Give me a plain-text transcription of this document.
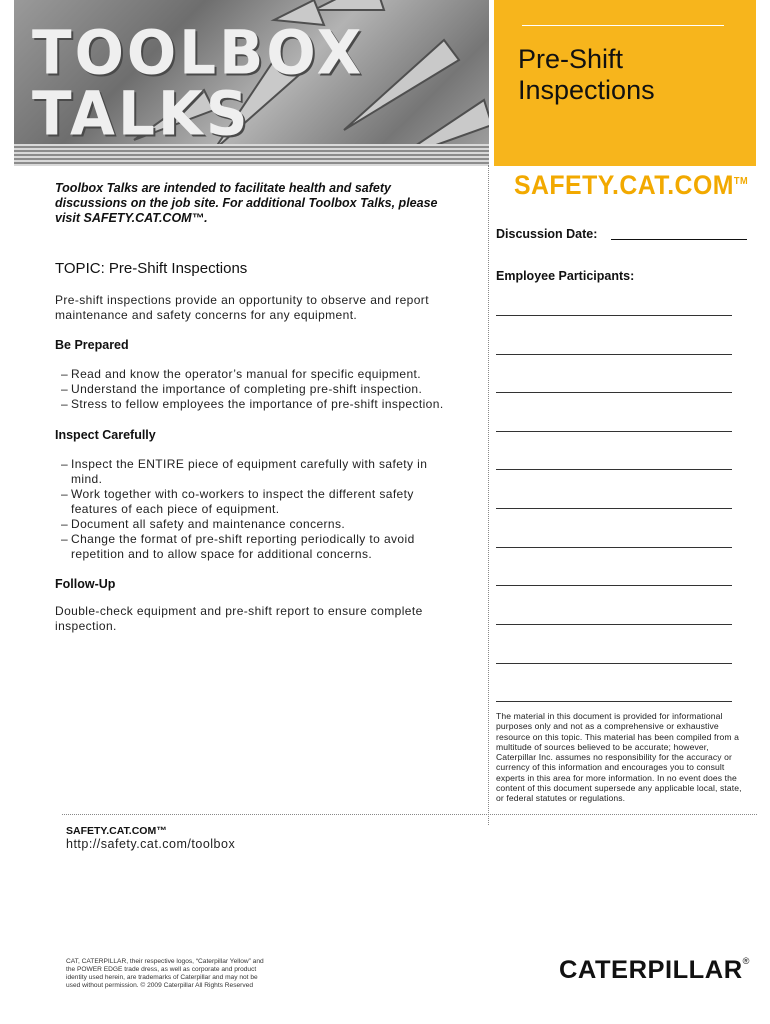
TOOLBOX
TALKS
Pre-Shift Inspections
SAFETY.CAT.COM™
Toolbox Talks are intended to facilitate health and safety discussions on the job site. For additional Toolbox Talks, please visit SAFETY.CAT.COM™.
TOPIC: Pre-Shift Inspections
Pre-shift inspections provide an opportunity to observe and report maintenance and safety concerns for any equipment.
Be Prepared
– Read and know the operator’s manual for specific equipment.
– Understand the importance of completing pre-shift inspection.
– Stress to fellow employees the importance of pre-shift inspection.
Inspect Carefully
– Inspect the ENTIRE piece of equipment carefully with safety in mind.
– Work together with co-workers to inspect the different safety features of each piece of equipment.
– Document all safety and maintenance concerns.
– Change the format of pre-shift reporting periodically to avoid repetition and to allow space for additional concerns.
Follow-Up
Double-check equipment and pre-shift report to ensure complete inspection.
Discussion Date:
Employee Participants:
The material in this document is provided for informational purposes only and not as a comprehensive or exhaustive resource on this topic. This material has been compiled from a multitude of sources believed to be accurate; however, Caterpillar Inc. assumes no responsibility for the accuracy or currency of this information and encourages you to consult experts in this area for more information. In no event does the content of this document supersede any applicable local, state, or federal statutes or regulations.
SAFETY.CAT.COM™
http://safety.cat.com/toolbox
CAT, CATERPILLAR, their respective logos, “Caterpillar Yellow” and the POWER EDGE trade dress, as well as corporate and product identity used herein, are trademarks of Caterpillar and may not be used without permission. © 2009 Caterpillar All Rights Reserved
CATERPILLAR®
